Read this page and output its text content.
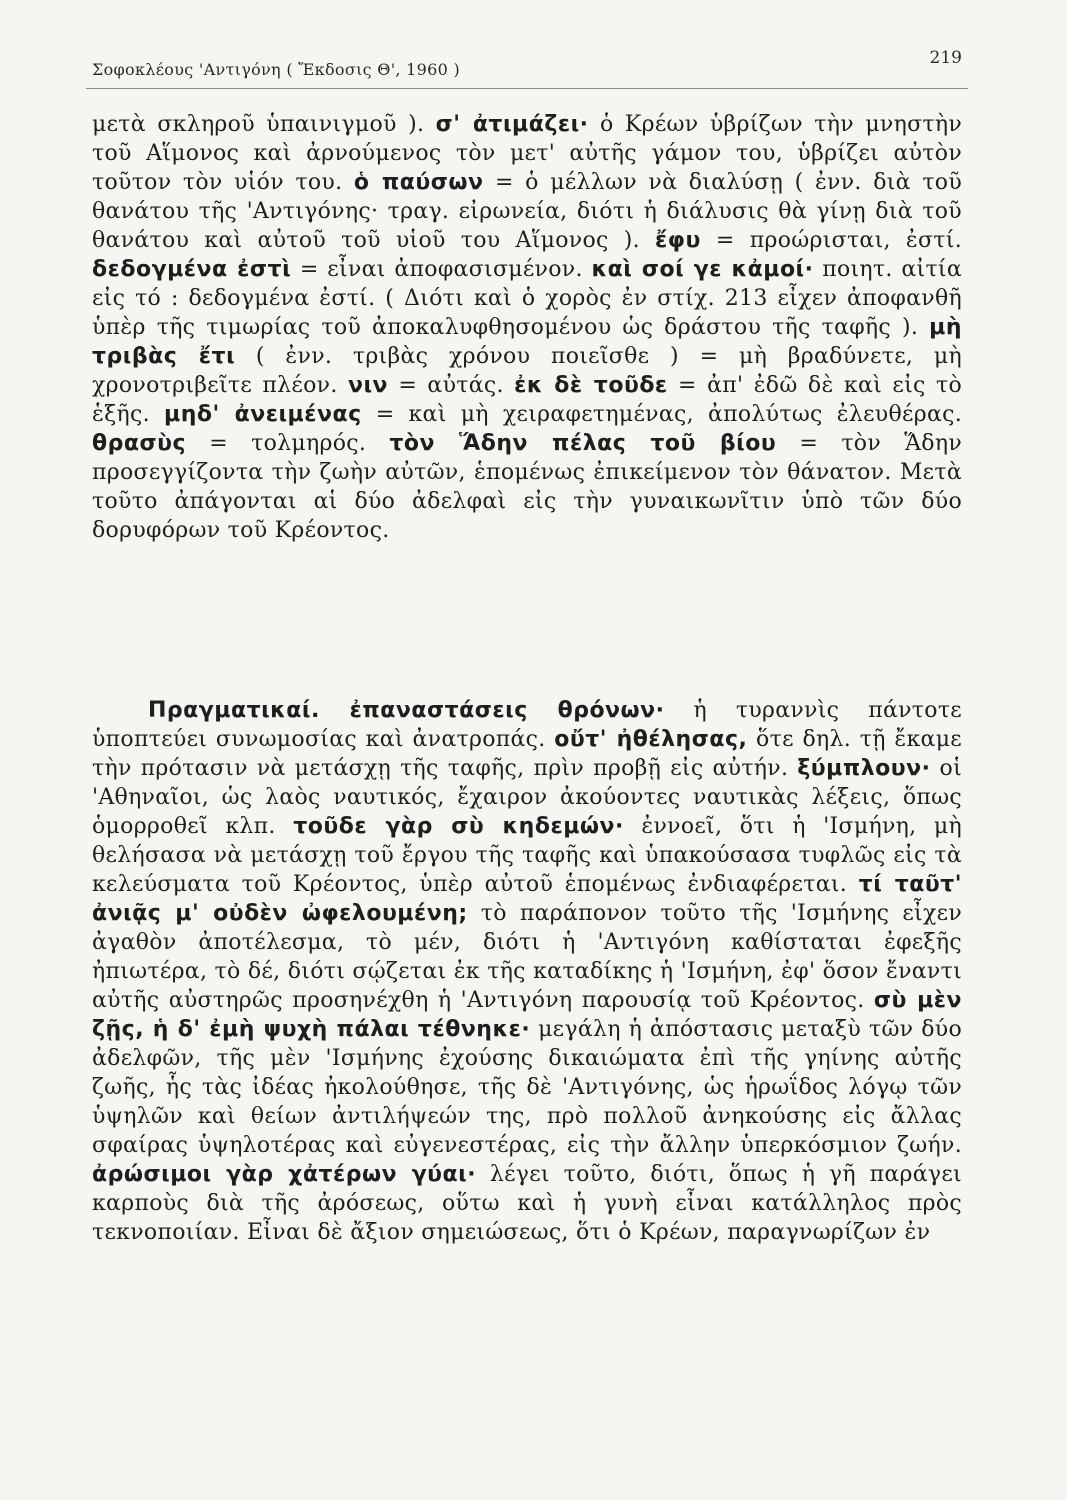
Σοφοκλέους 'Αντιγόνη ( Ἔκδοσις Θ', 1960 )
219
μετὰ σκληροῦ ὑπαινιγμοῦ ). σ' ἀτιμάζει· ὁ Κρέων ὑβρίζων τὴν μνηστὴν τοῦ Αἵμονος καὶ ἀρνούμενος τὸν μετ' αὐτῆς γάμον του, ὑβρίζει αὐτὸν τοῦτον τὸν υἱόν του. ὁ παύσων = ὁ μέλλων νὰ διαλύσῃ ( ἐνν. διὰ τοῦ θανάτου τῆς 'Αντιγόνης· τραγ. εἰρωνεία, διότι ἡ διάλυσις θὰ γίνῃ διὰ τοῦ θανάτου καὶ αὐτοῦ τοῦ υἱοῦ του Αἵμονος ). ἔφυ = προώρισται, ἐστί. δεδογμένα ἐστὶ = εἶναι ἀποφασισμένον. καὶ σοί γε κἀμοί· ποιητ. αἰτία εἰς τό : δεδογμένα ἐστί. ( Διότι καὶ ὁ χορὸς ἐν στίχ. 213 εἶχεν ἀποφανθῆ ὑπὲρ τῆς τιμωρίας τοῦ ἀποκαλυφθησομένου ὡς δράστου τῆς ταφῆς ). μὴ τριβὰς ἔτι ( ἐνν. τριβὰς χρόνου ποιεῖσθε ) = μὴ βραδύνετε, μὴ χρονοτριβεῖτε πλέον. νιν = αὐτάς. ἐκ δὲ τοῦδε = ἀπ' ἐδῶ δὲ καὶ εἰς τὸ ἑξῆς. μηδ' ἀνειμένας = καὶ μὴ χειραφετημένας, ἀπολύτως ἐλευθέρας. θρασὺς = τολμηρός. τὸν Ἅδην πέλας τοῦ βίου = τὸν Ἅδην προσεγγίζοντα τὴν ζωὴν αὐτῶν, ἑπομένως ἐπικείμενον τὸν θάνατον. Μετὰ τοῦτο ἀπάγονται αἱ δύο ἀδελφαὶ εἰς τὴν γυναικωνῖτιν ὑπὸ τῶν δύο δορυφόρων τοῦ Κρέοντος.
Πραγματικαί. ἐπαναστάσεις θρόνων· ἡ τυραννὶς πάντοτε ὑποπτεύει συνωμοσίας καὶ ἀνατροπάς. οὔτ' ἠθέλησας, ὅτε δηλ. τῇ ἔκαμε τὴν πρότασιν νὰ μετάσχῃ τῆς ταφῆς, πρὶν προβῇ εἰς αὐτήν. ξύμπλουν· οἱ 'Αθηναῖοι, ὡς λαὸς ναυτικός, ἔχαιρον ἀκούοντες ναυτικὰς λέξεις, ὅπως ὁμορροθεῖ κλπ. τοῦδε γὰρ σὺ κηδεμών· ἐννοεῖ, ὅτι ἡ 'Ισμήνη, μὴ θελήσασα νὰ μετάσχῃ τοῦ ἔργου τῆς ταφῆς καὶ ὑπακούσασα τυφλῶς εἰς τὰ κελεύσματα τοῦ Κρέοντος, ὑπὲρ αὐτοῦ ἑπομένως ἐνδιαφέρεται. τί ταῦτ' ἀνιᾷς μ' οὐδὲν ὠφελουμένη; τὸ παράπονον τοῦτο τῆς 'Ισμήνης εἶχεν ἀγαθὸν ἀποτέλεσμα, τὸ μέν, διότι ἡ 'Αντιγόνη καθίσταται ἐφεξῆς ἠπιωτέρα, τὸ δέ, διότι σῴζεται ἐκ τῆς καταδίκης ἡ 'Ισμήνη, ἐφ' ὅσον ἔναντι αὐτῆς αὐστηρῶς προσηνέχθη ἡ 'Αντιγόνη παρουσίᾳ τοῦ Κρέοντος. σὺ μὲν ζῇς, ἡ δ' ἐμὴ ψυχὴ πάλαι τέθνηκε· μεγάλη ἡ ἀπόστασις μεταξὺ τῶν δύο ἀδελφῶν, τῆς μὲν 'Ισμήνης ἐχούσης δικαιώματα ἐπὶ τῆς γηίνης αὐτῆς ζωῆς, ἧς τὰς ἰδέας ἠκολούθησε, τῆς δὲ 'Αντιγόνης, ὡς ἡρωΐδος λόγῳ τῶν ὑψηλῶν καὶ θείων ἀντιλήψεών της, πρὸ πολλοῦ ἀνηκούσης εἰς ἄλλας σφαίρας ὑψηλοτέρας καὶ εὐγενεστέρας, εἰς τὴν ἄλλην ὑπερκόσμιον ζωήν. ἀρώσιμοι γὰρ χἀτέρων γύαι· λέγει τοῦτο, διότι, ὅπως ἡ γῆ παράγει καρποὺς διὰ τῆς ἀρόσεως, οὕτω καὶ ἡ γυνὴ εἶναι κατάλληλος πρὸς τεκνοποιίαν. Εἶναι δὲ ἄξιον σημειώσεως, ὅτι ὁ Κρέων, παραγνωρίζων ἐν
